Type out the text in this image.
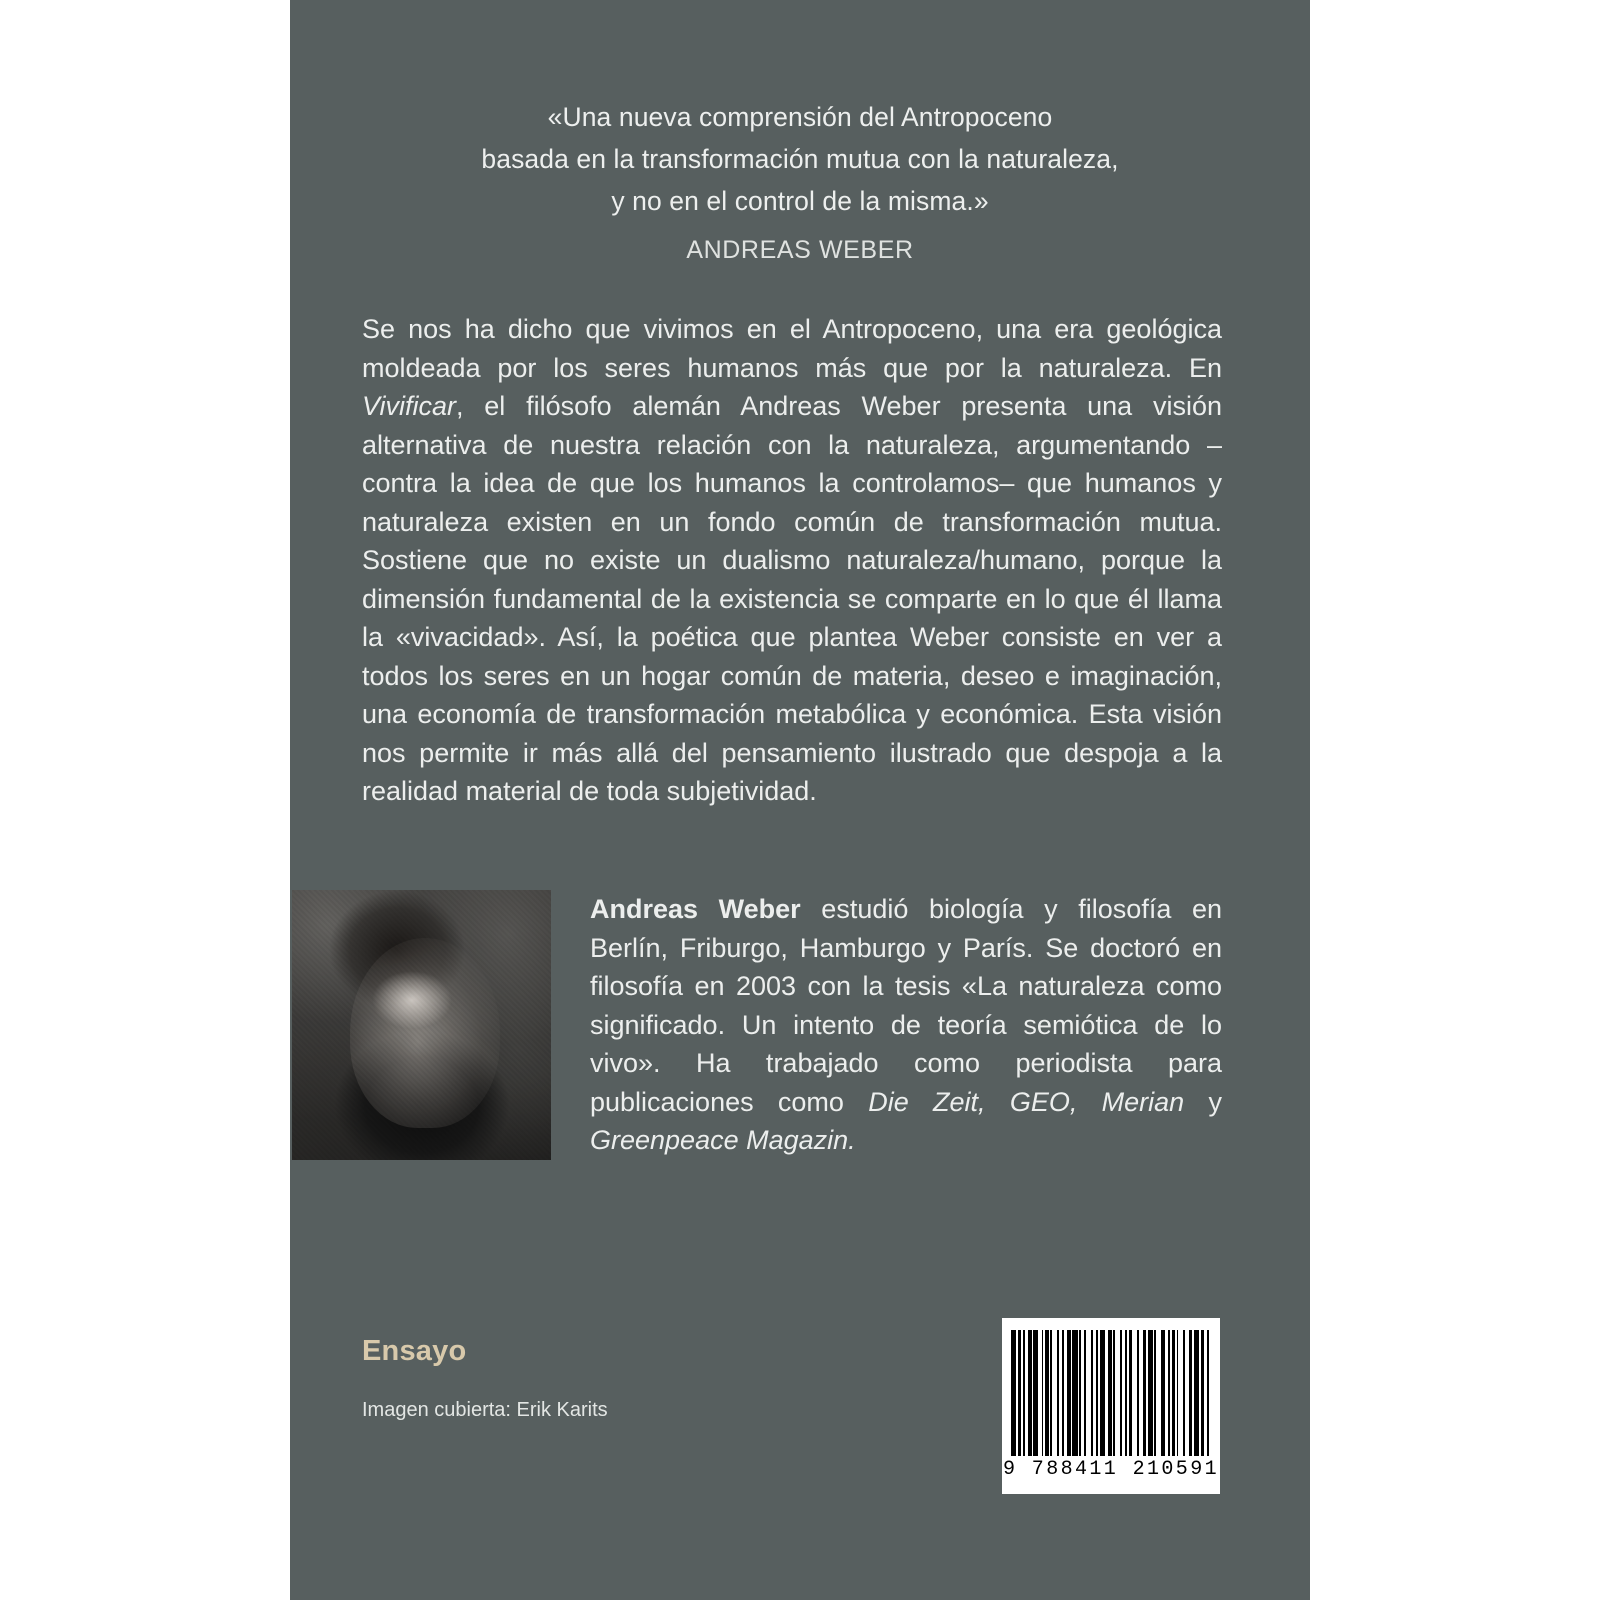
«Una nueva comprensión del Antropoceno
basada en la transformación mutua con la naturaleza,
y no en el control de la misma.»
ANDREAS WEBER
Se nos ha dicho que vivimos en el Antropoceno, una era geológica moldeada por los seres humanos más que por la naturaleza. En Vivificar, el filósofo alemán Andreas Weber presenta una visión alternativa de nuestra relación con la naturaleza, argumentando –contra la idea de que los humanos la controlamos– que humanos y naturaleza existen en un fondo común de transformación mutua. Sostiene que no existe un dualismo naturaleza/humano, porque la dimensión fundamental de la existencia se comparte en lo que él llama la «vivacidad». Así, la poética que plantea Weber consiste en ver a todos los seres en un hogar común de materia, deseo e imaginación, una economía de transformación metabólica y económica. Esta visión nos permite ir más allá del pensamiento ilustrado que despoja a la realidad material de toda subjetividad.
Andreas Weber estudió biología y filosofía en Berlín, Friburgo, Hamburgo y París. Se doctoró en filosofía en 2003 con la tesis «La naturaleza como significado. Un intento de teoría semiótica de lo vivo». Ha trabajado como periodista para publicaciones como Die Zeit, GEO, Merian y Greenpeace Magazin.
Ensayo
Imagen cubierta: Erik Karits
9 788411 210591
